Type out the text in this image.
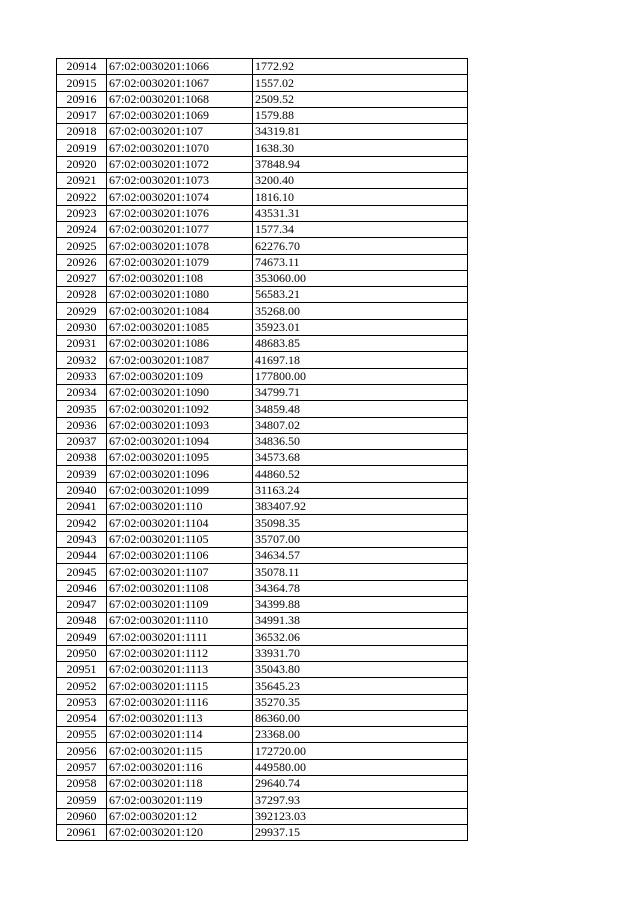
20914	67:02:0030201:1066	1772.92
20915	67:02:0030201:1067	1557.02
20916	67:02:0030201:1068	2509.52
20917	67:02:0030201:1069	1579.88
20918	67:02:0030201:107	34319.81
20919	67:02:0030201:1070	1638.30
20920	67:02:0030201:1072	37848.94
20921	67:02:0030201:1073	3200.40
20922	67:02:0030201:1074	1816.10
20923	67:02:0030201:1076	43531.31
20924	67:02:0030201:1077	1577.34
20925	67:02:0030201:1078	62276.70
20926	67:02:0030201:1079	74673.11
20927	67:02:0030201:108	353060.00
20928	67:02:0030201:1080	56583.21
20929	67:02:0030201:1084	35268.00
20930	67:02:0030201:1085	35923.01
20931	67:02:0030201:1086	48683.85
20932	67:02:0030201:1087	41697.18
20933	67:02:0030201:109	177800.00
20934	67:02:0030201:1090	34799.71
20935	67:02:0030201:1092	34859.48
20936	67:02:0030201:1093	34807.02
20937	67:02:0030201:1094	34836.50
20938	67:02:0030201:1095	34573.68
20939	67:02:0030201:1096	44860.52
20940	67:02:0030201:1099	31163.24
20941	67:02:0030201:110	383407.92
20942	67:02:0030201:1104	35098.35
20943	67:02:0030201:1105	35707.00
20944	67:02:0030201:1106	34634.57
20945	67:02:0030201:1107	35078.11
20946	67:02:0030201:1108	34364.78
20947	67:02:0030201:1109	34399.88
20948	67:02:0030201:1110	34991.38
20949	67:02:0030201:1111	36532.06
20950	67:02:0030201:1112	33931.70
20951	67:02:0030201:1113	35043.80
20952	67:02:0030201:1115	35645.23
20953	67:02:0030201:1116	35270.35
20954	67:02:0030201:113	86360.00
20955	67:02:0030201:114	23368.00
20956	67:02:0030201:115	172720.00
20957	67:02:0030201:116	449580.00
20958	67:02:0030201:118	29640.74
20959	67:02:0030201:119	37297.93
20960	67:02:0030201:12	392123.03
20961	67:02:0030201:120	29937.15
